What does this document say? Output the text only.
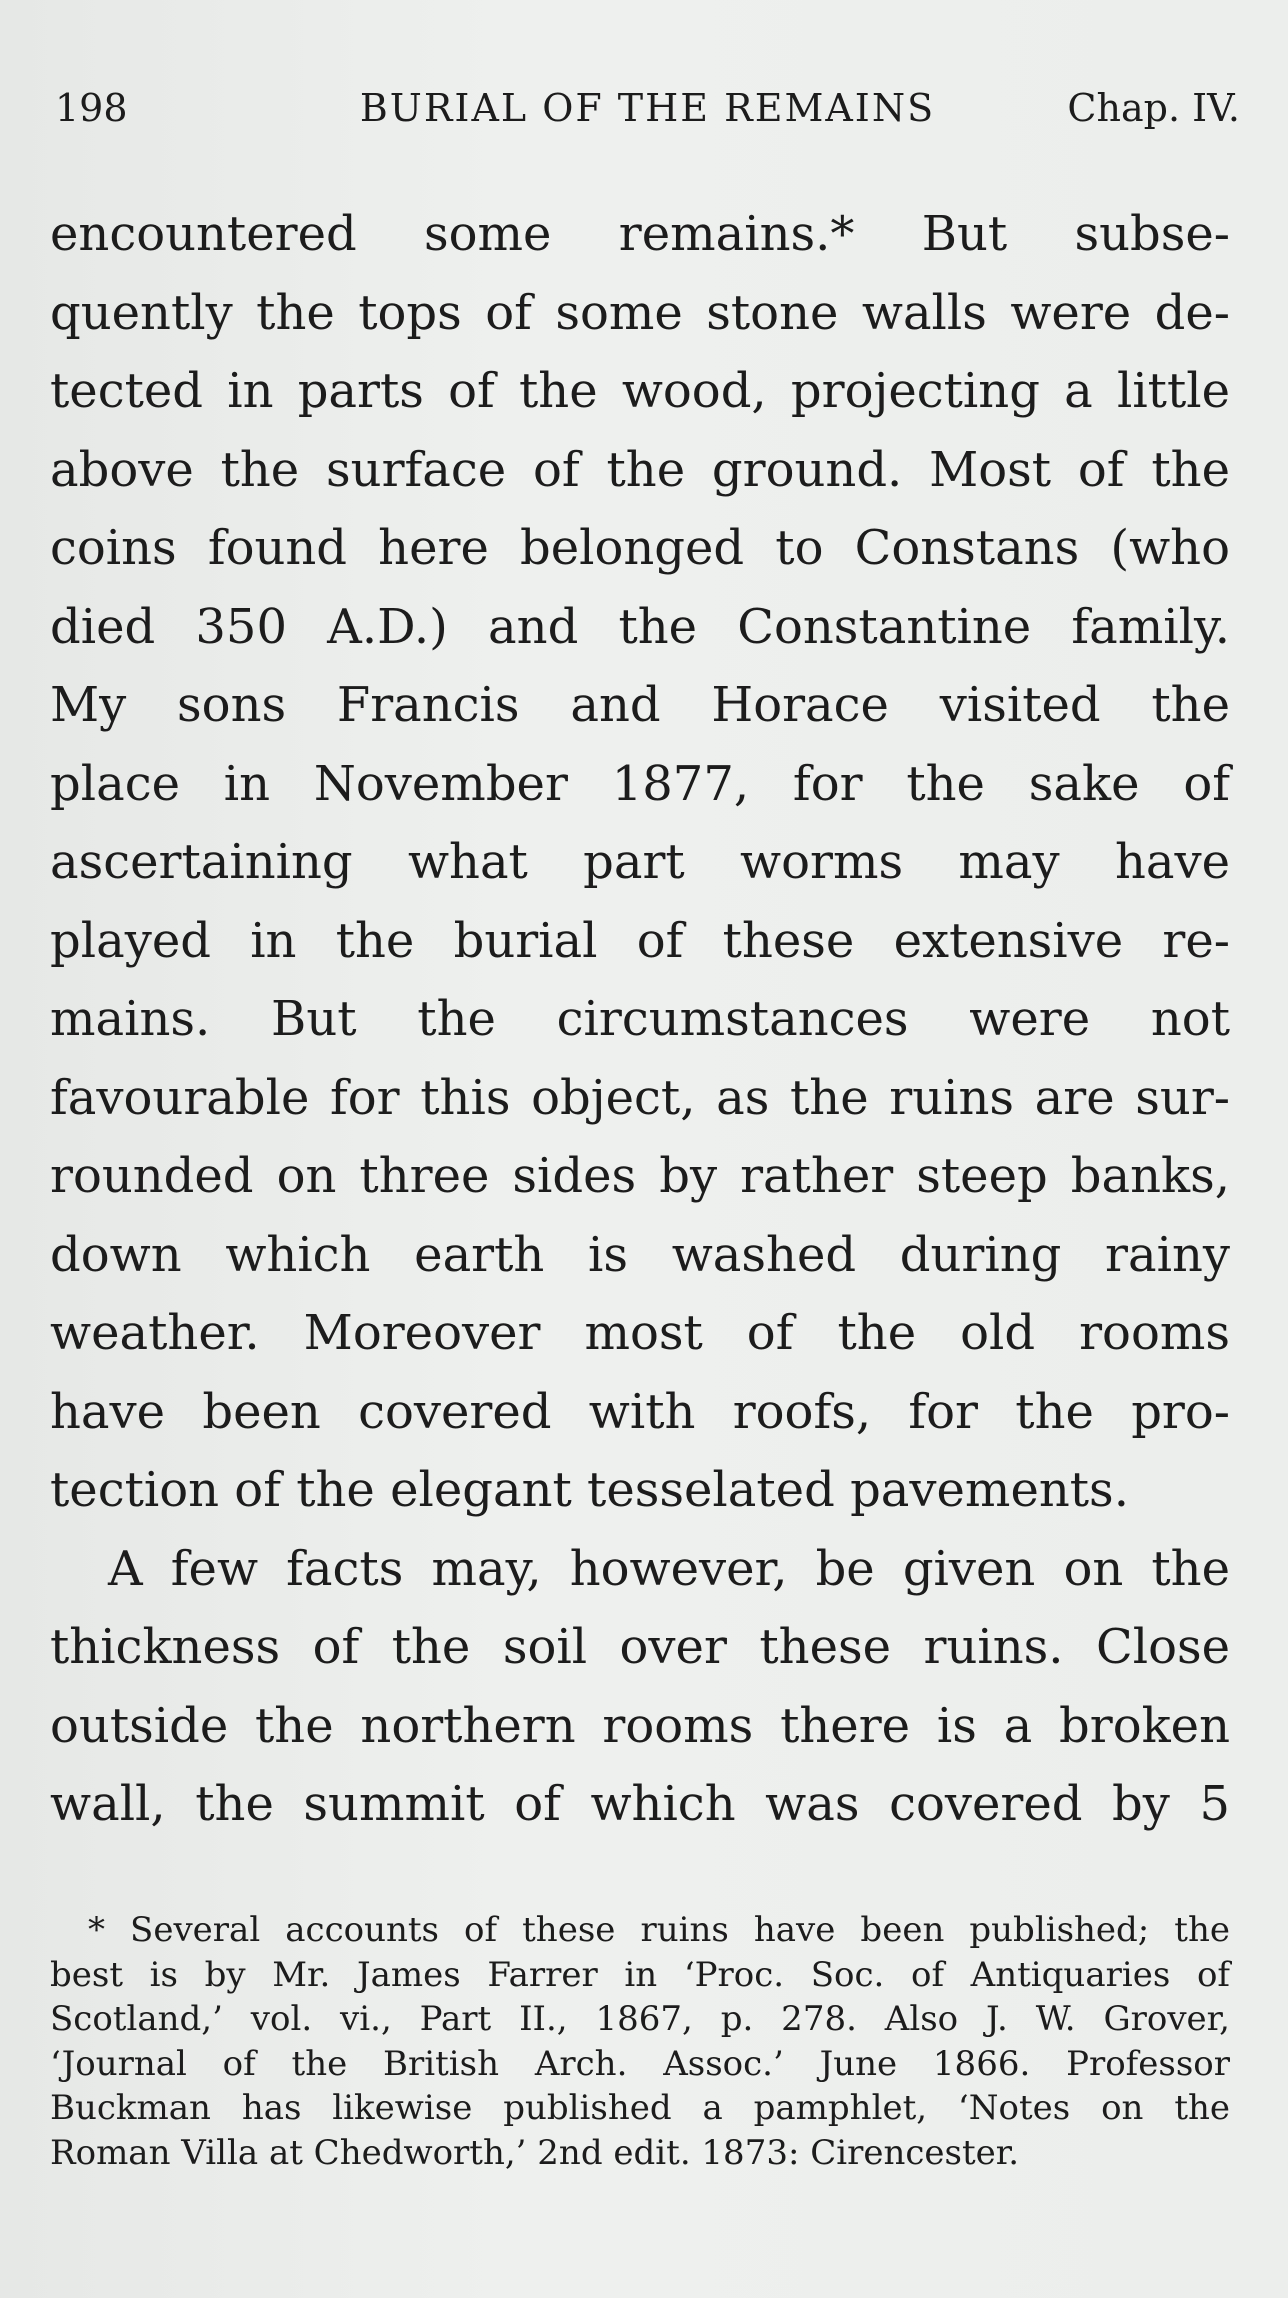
198	BURIAL OF THE REMAINS	Chap. IV.
encountered some remains.* But subse-
quently the tops of some stone walls were de-
tected in parts of the wood, projecting a little
above the surface of the ground. Most of the
coins found here belonged to Constans (who
died 350 A.D.) and the Constantine family.
My sons Francis and Horace visited the
place in November 1877, for the sake of
ascertaining what part worms may have
played in the burial of these extensive re-
mains. But the circumstances were not
favourable for this object, as the ruins are sur-
rounded on three sides by rather steep banks,
down which earth is washed during rainy
weather. Moreover most of the old rooms
have been covered with roofs, for the pro-
tection of the elegant tesselated pavements.
A few facts may, however, be given on the
thickness of the soil over these ruins. Close
outside the northern rooms there is a broken
wall, the summit of which was covered by 5
* Several accounts of these ruins have been published; the
best is by Mr. James Farrer in ‘Proc. Soc. of Antiquaries of
Scotland,’ vol. vi., Part II., 1867, p. 278. Also J. W. Grover,
‘Journal of the British Arch. Assoc.’ June 1866. Professor
Buckman has likewise published a pamphlet, ‘Notes on the
Roman Villa at Chedworth,’ 2nd edit. 1873: Cirencester.
